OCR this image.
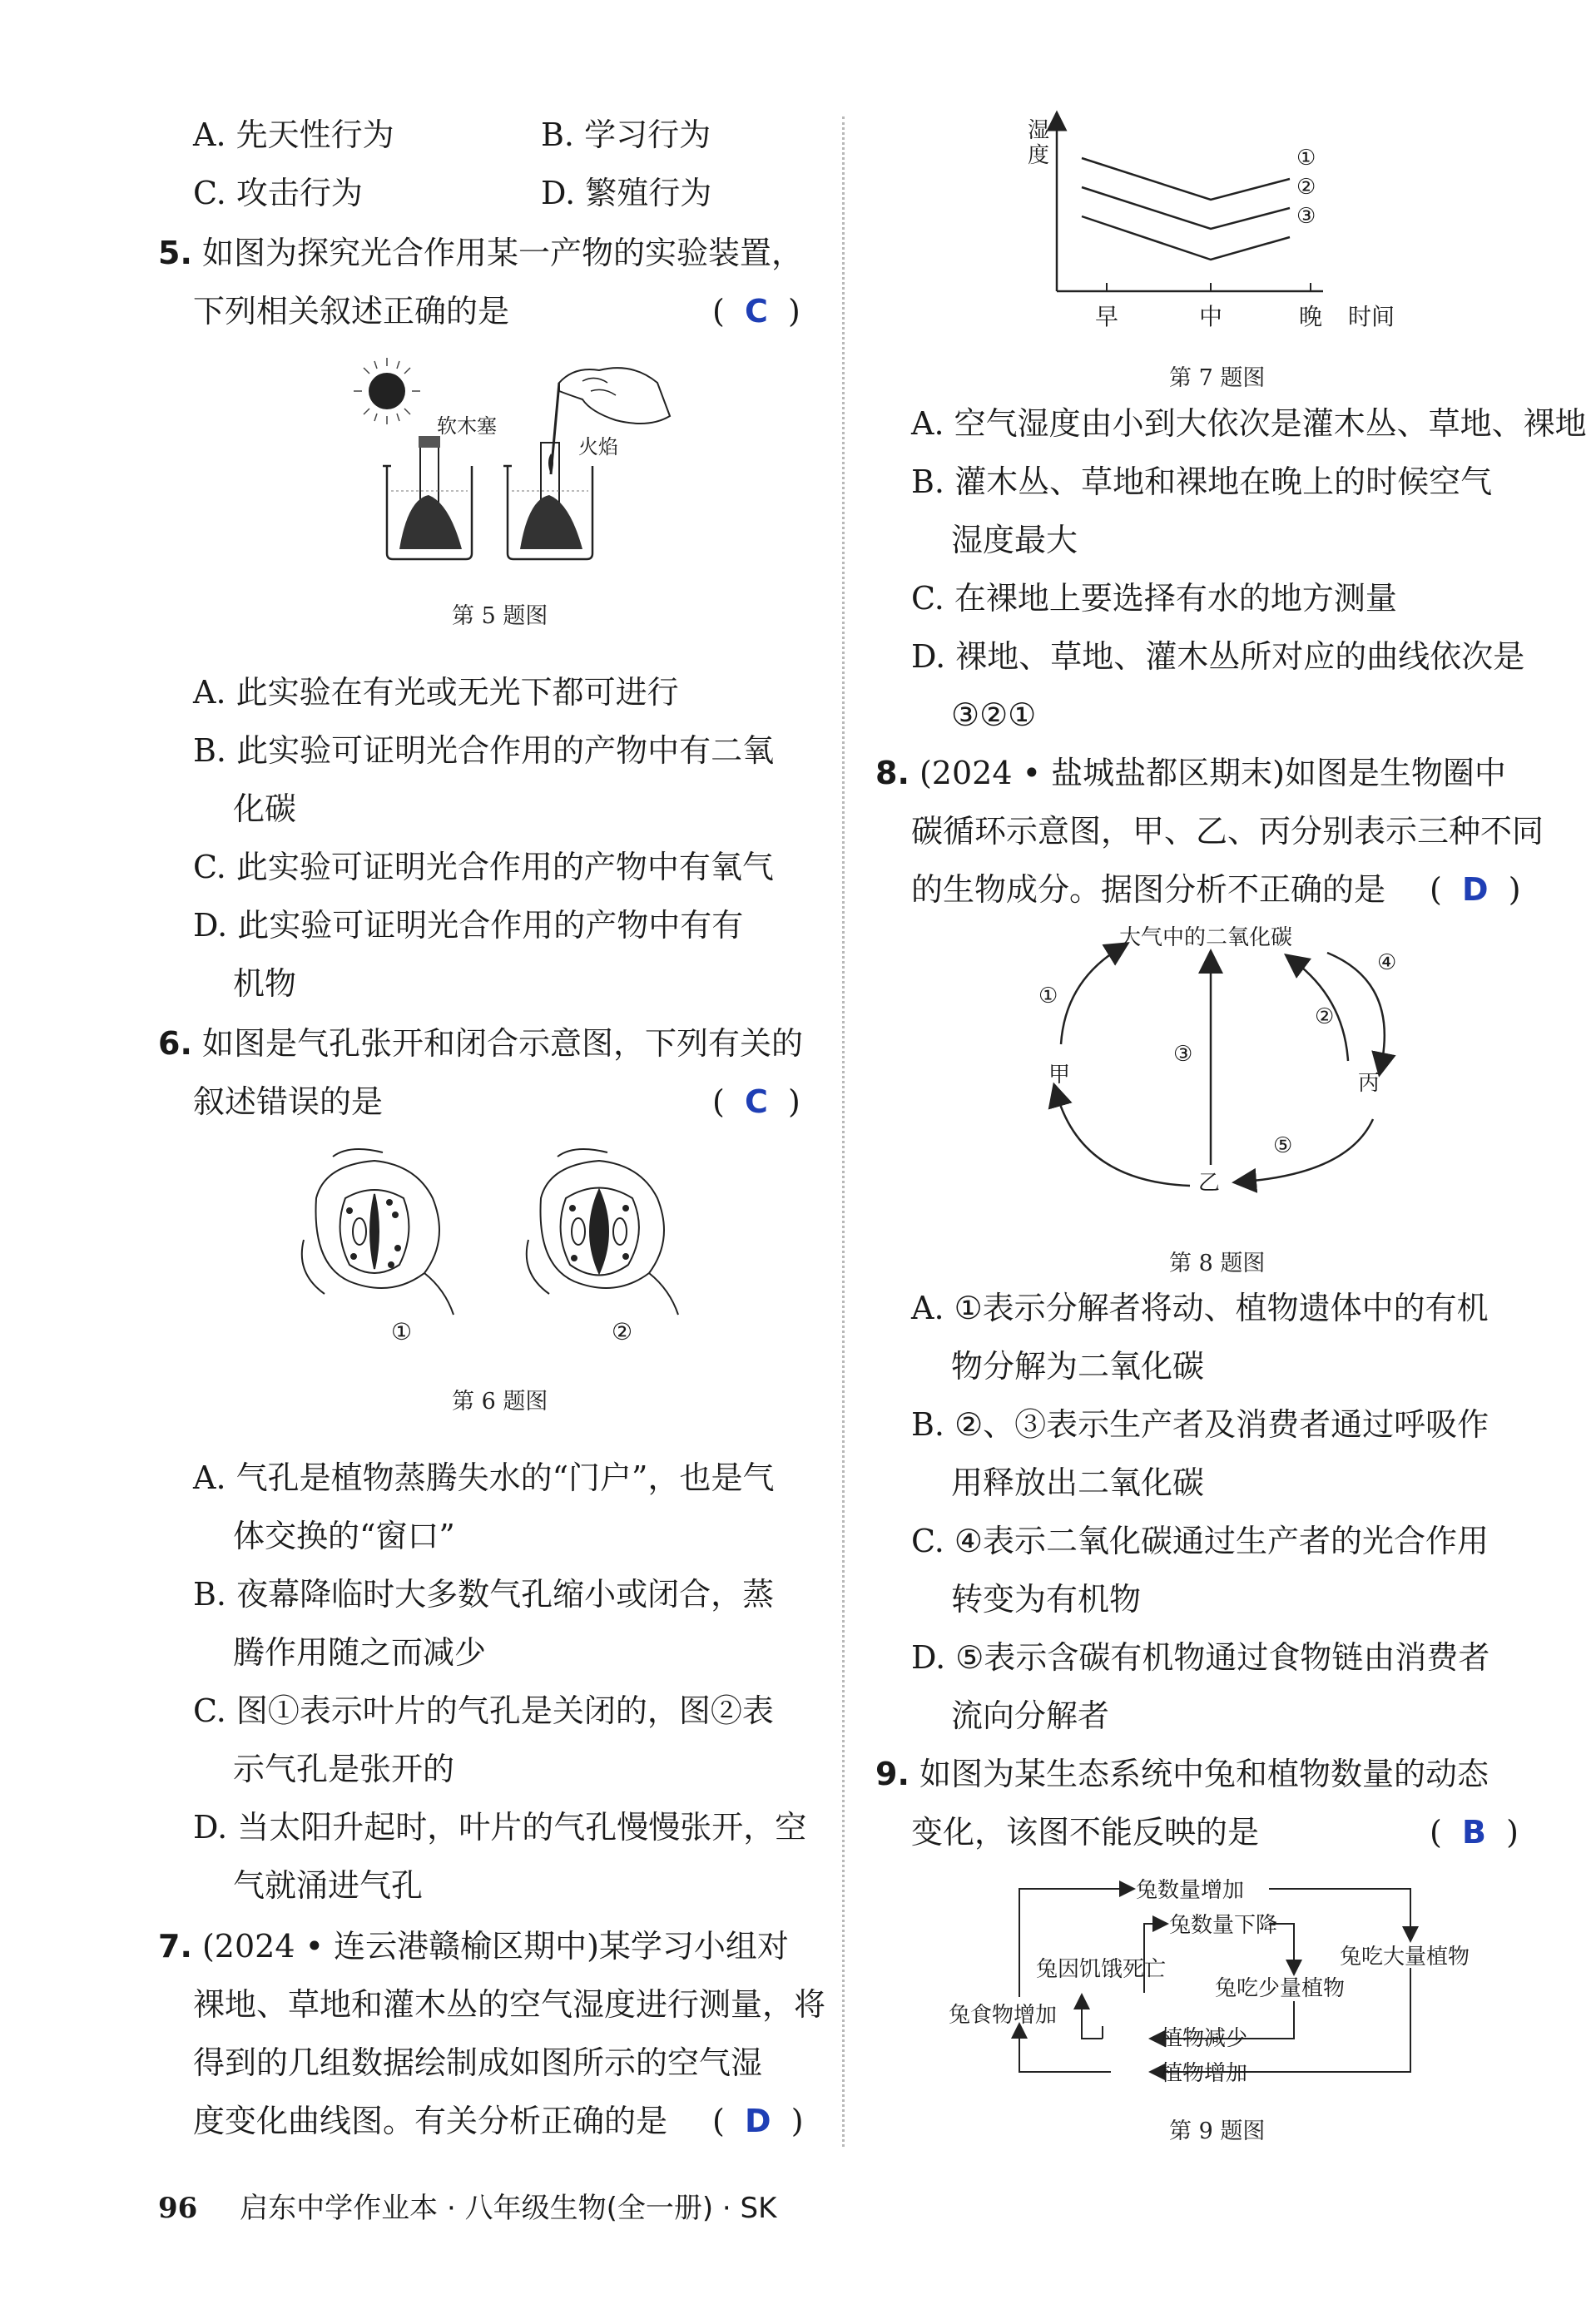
A. 先天性行为	B. 学习行为
C. 攻击行为	D. 繁殖行为
5. 如图为探究光合作用某一产物的实验装置，
下列相关叙述正确的是	(  C  )
软木塞
火焰
第 5 题图
A. 此实验在有光或无光下都可进行
B. 此实验可证明光合作用的产物中有二氧
化碳
C. 此实验可证明光合作用的产物中有氧气
D. 此实验可证明光合作用的产物中有有
机物
6. 如图是气孔张开和闭合示意图，下列有关的
叙述错误的是	(  C  )
①	②
第 6 题图
A. 气孔是植物蒸腾失水的“门户”，也是气
体交换的“窗口”
B. 夜幕降临时大多数气孔缩小或闭合，蒸
腾作用随之而减少
C. 图①表示叶片的气孔是关闭的，图②表
示气孔是张开的
D. 当太阳升起时，叶片的气孔慢慢张开，空
气就涌进气孔
7. (2024 • 连云港赣榆区期中)某学习小组对
裸地、草地和灌木丛的空气湿度进行测量，将
得到的几组数据绘制成如图所示的空气湿
度变化曲线图。有关分析正确的是 (  D  )
湿
度
早	中	晚 时间
①
②
③
第 7 题图
A. 空气湿度由小到大依次是灌木丛、草地、裸地
B. 灌木丛、草地和裸地在晚上的时候空气
湿度最大
C. 在裸地上要选择有水的地方测量
D. 裸地、草地、灌木丛所对应的曲线依次是
③②①
8. (2024 • 盐城盐都区期末)如图是生物圈中
碳循环示意图，甲、乙、丙分别表示三种不同
的生物成分。据图分析不正确的是 (  D  )
大气中的二氧化碳
甲
乙
丙
①
②
③
④
⑤
第 8 题图
A. ①表示分解者将动、植物遗体中的有机
物分解为二氧化碳
B. ②、③表示生产者及消费者通过呼吸作
用释放出二氧化碳
C. ④表示二氧化碳通过生产者的光合作用
转变为有机物
D. ⑤表示含碳有机物通过食物链由消费者
流向分解者
9. 如图为某生态系统中兔和植物数量的动态
变化，该图不能反映的是	(  B  )
兔数量增加
兔数量下降
兔因饥饿死亡	兔吃大量植物
兔食物增加
兔吃少量植物
植物减少
植物增加
第 9 题图
96 启东中学作业本 · 八年级生物(全一册) · SK
